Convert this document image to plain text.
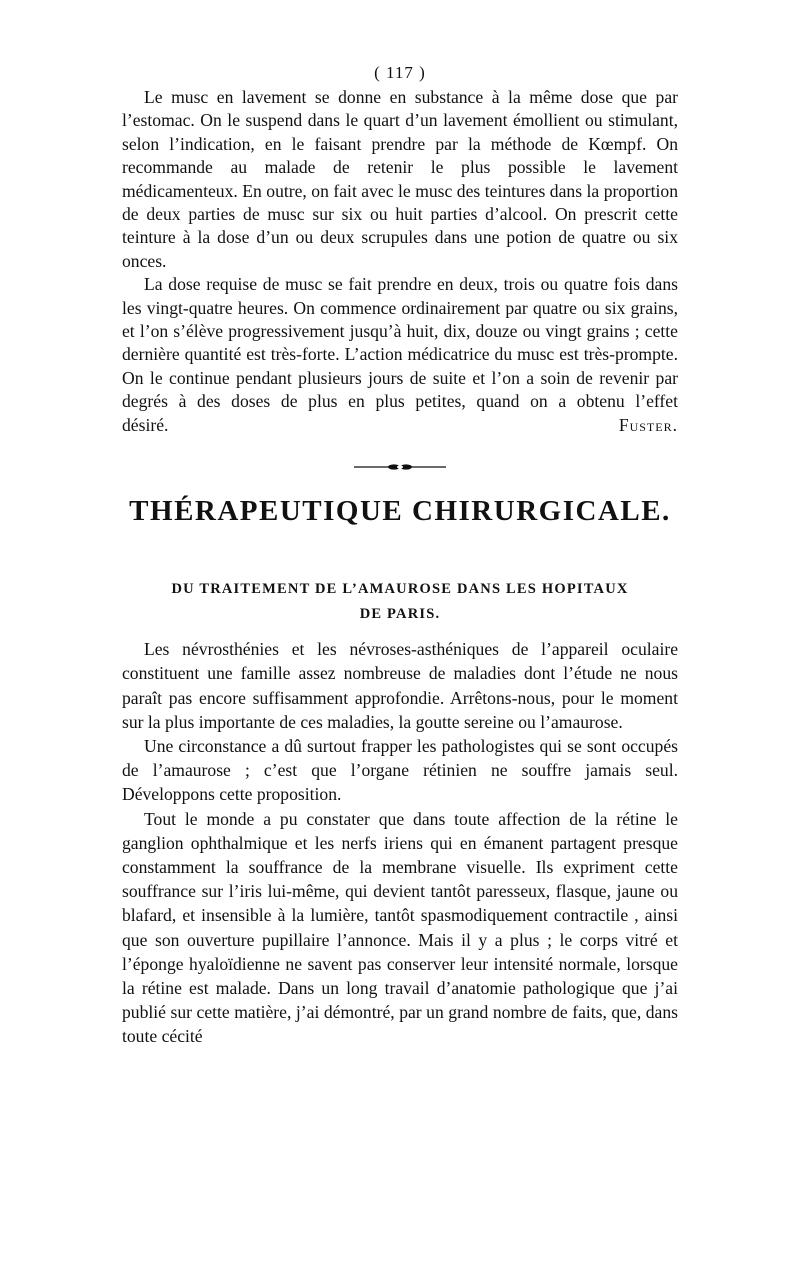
( 117 )

Le musc en lavement se donne en substance à la même dose que par l’estomac. On le suspend dans le quart d’un lavement émollient ou stimulant, selon l’indication, en le faisant prendre par la méthode de Kœmpf. On recommande au malade de retenir le plus possible le lavement médicamenteux. En outre, on fait avec le musc des teintures dans la proportion de deux parties de musc sur six ou huit parties d’alcool. On prescrit cette teinture à la dose d’un ou deux scrupules dans une potion de quatre ou six onces.

La dose requise de musc se fait prendre en deux, trois ou quatre fois dans les vingt-quatre heures. On commence ordinairement par quatre ou six grains, et l’on s’élève progressivement jusqu’à huit, dix, douze ou vingt grains ; cette dernière quantité est très-forte. L’action médicatrice du musc est très-prompte. On le continue pendant plusieurs jours de suite et l’on a soin de revenir par degrés à des doses de plus en plus petites, quand on a obtenu l’effet désiré.	Fuster.

THÉRAPEUTIQUE CHIRURGICALE.
DU TRAITEMENT DE L’AMAUROSE DANS LES HOPITAUX
DE PARIS.

Les névrosthénies et les névroses-asthéniques de l’appareil oculaire constituent une famille assez nombreuse de maladies dont l’étude ne nous paraît pas encore suffisamment approfondie. Arrêtons-nous, pour le moment sur la plus importante de ces maladies, la goutte sereine ou l’amaurose.

Une circonstance a dû surtout frapper les pathologistes qui se sont occupés de l’amaurose ; c’est que l’organe rétinien ne souffre jamais seul. Développons cette proposition.

Tout le monde a pu constater que dans toute affection de la rétine le ganglion ophthalmique et les nerfs iriens qui en émanent partagent presque constamment la souffrance de la membrane visuelle. Ils expriment cette souffrance sur l’iris lui-même, qui devient tantôt paresseux, flasque, jaune ou blafard, et insensible à la lumière, tantôt spasmodiquement contractile , ainsi que son ouverture pupillaire l’annonce. Mais il y a plus ; le corps vitré et l’éponge hyaloïdienne ne savent pas conserver leur intensité normale, lorsque la rétine est malade. Dans un long travail d’anatomie pathologique que j’ai publié sur cette matière, j’ai démontré, par un grand nombre de faits, que, dans toute cécité
